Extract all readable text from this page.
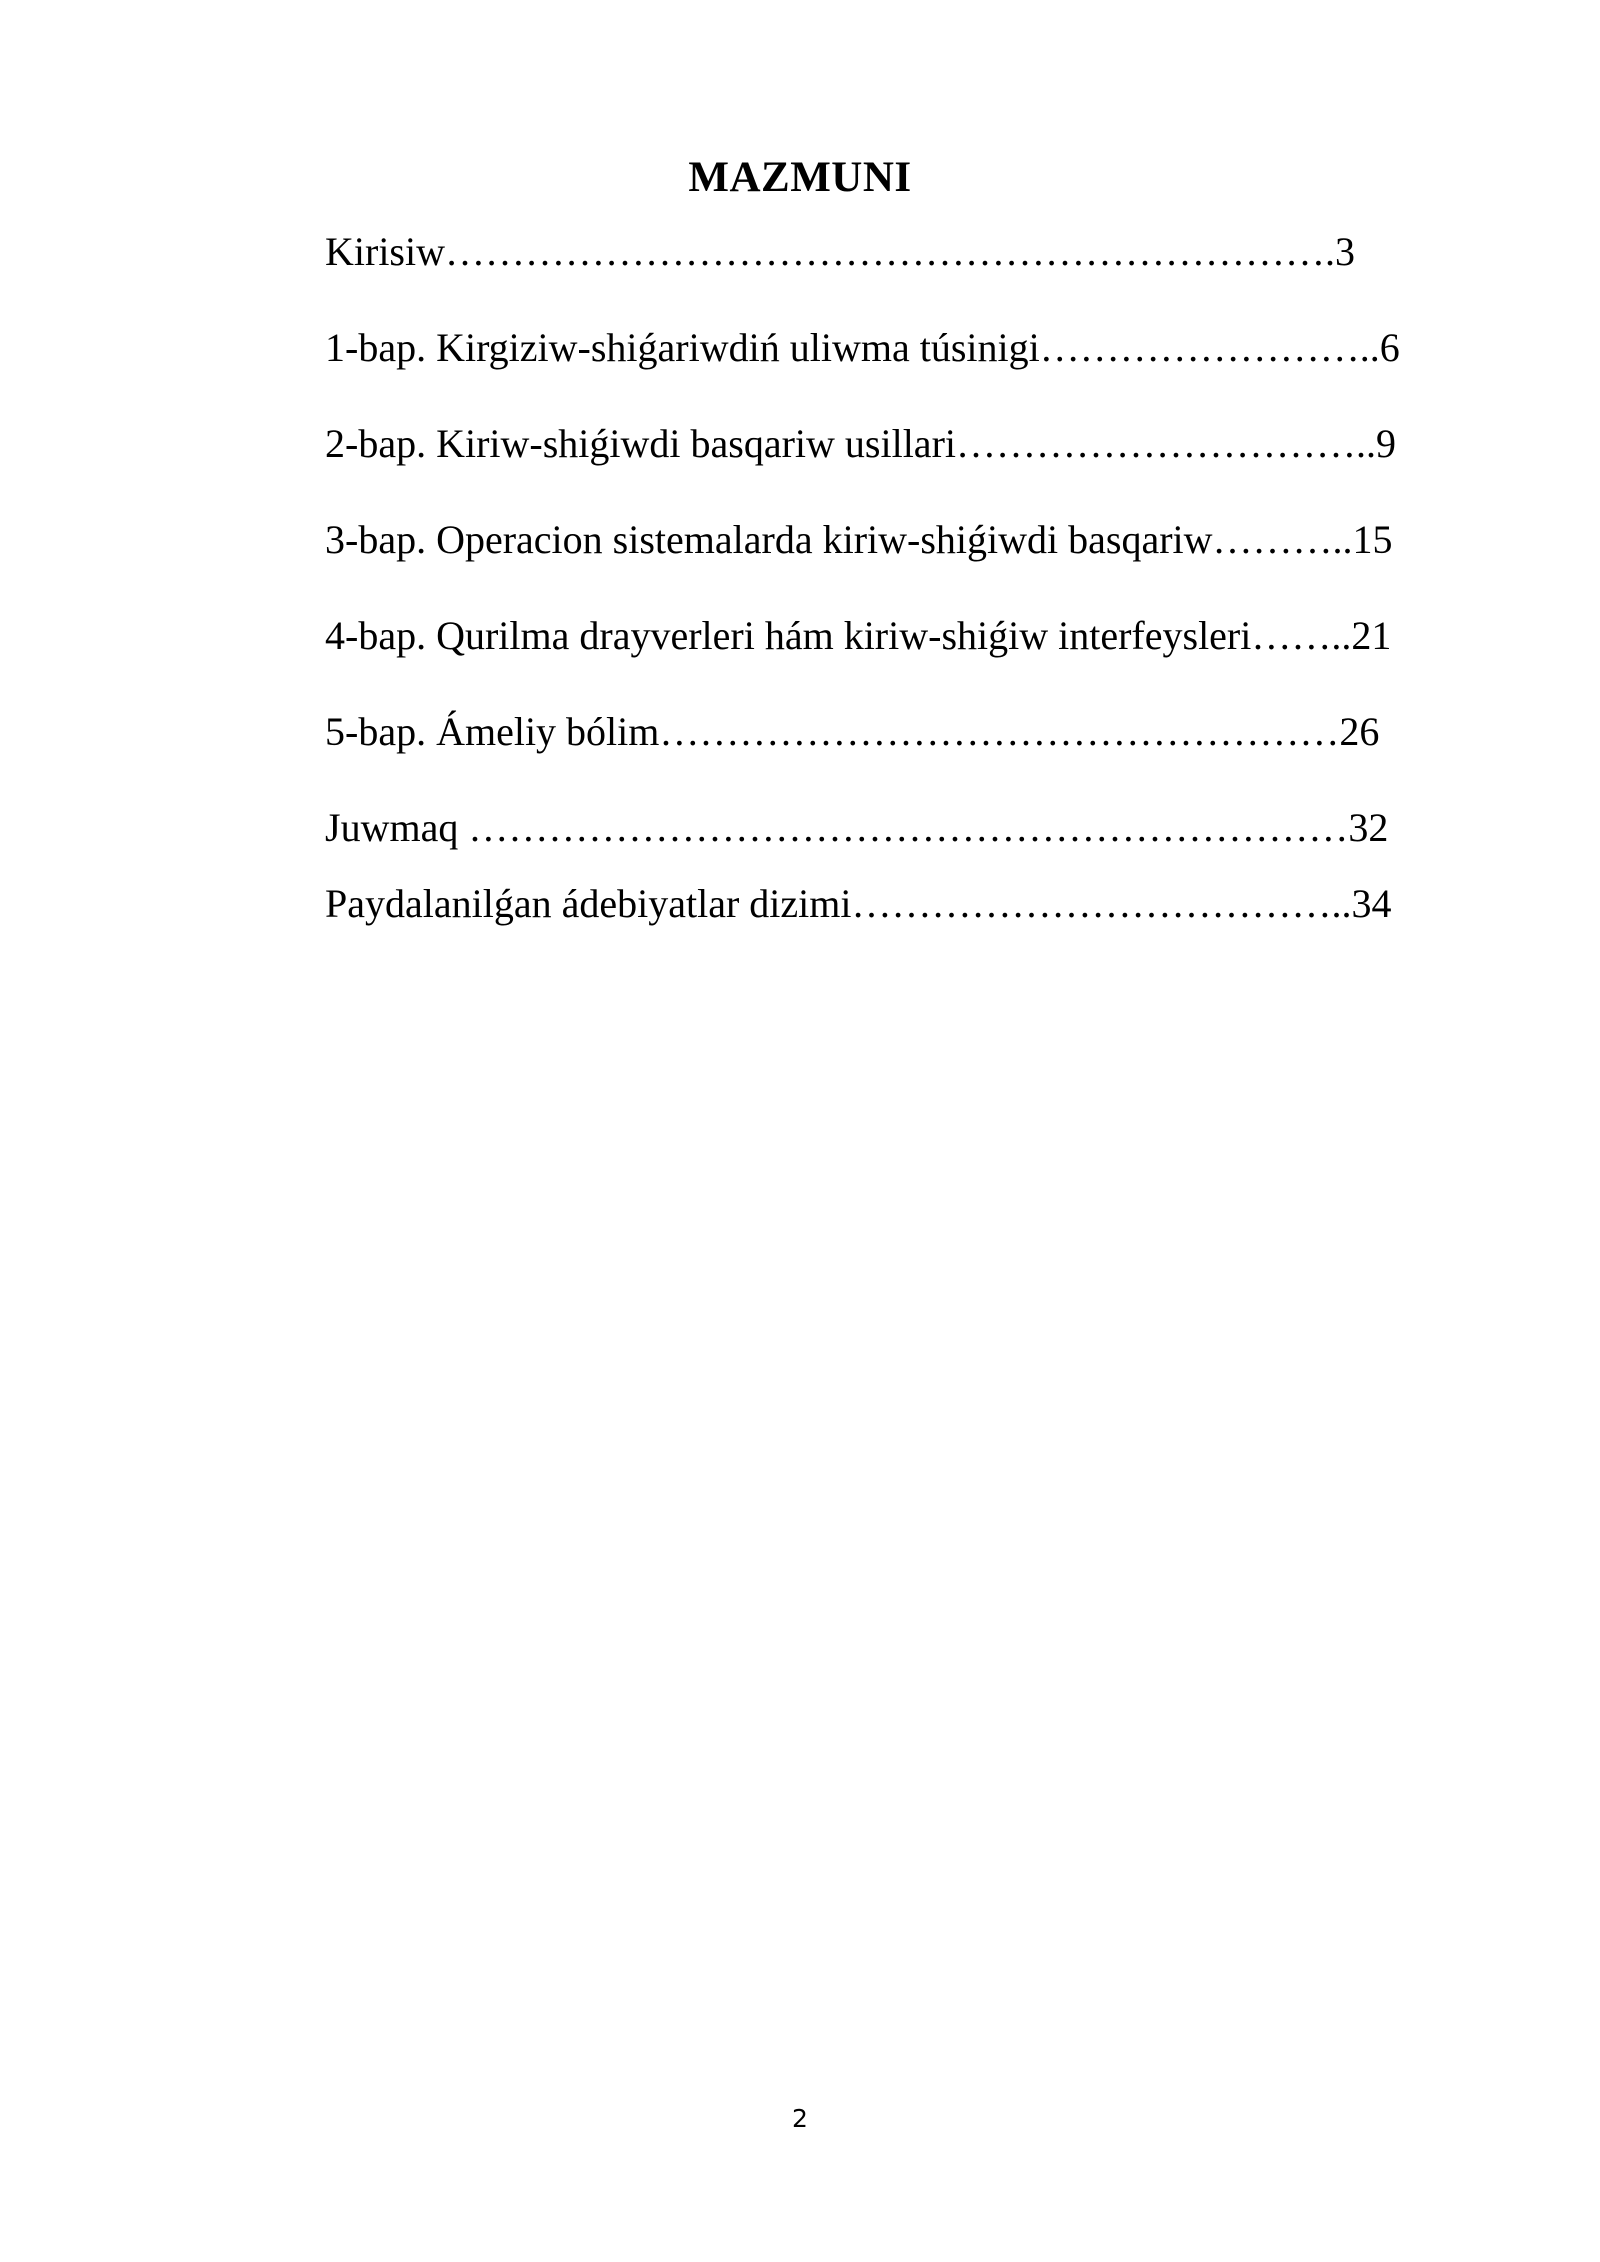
MAZMUNI
Kirisiw………………………………………………………….3
1-bap. Kirgiziw-shiǵariwdiń uliwma túsinigi……………………..6
2-bap. Kiriw-shiǵiwdi basqariw usillari…………………………..9
3-bap. Operacion sistemalarda kiriw-shiǵiwdi basqariw………..15
4-bap. Qurilma drayverleri hám kiriw-shiǵiw interfeysleri……..21
5-bap. Ámeliy bólim……………………………………………26
Juwmaq …………………………………………………………32
Paydalanilǵan ádebiyatlar dizimi………………………………..34
2
